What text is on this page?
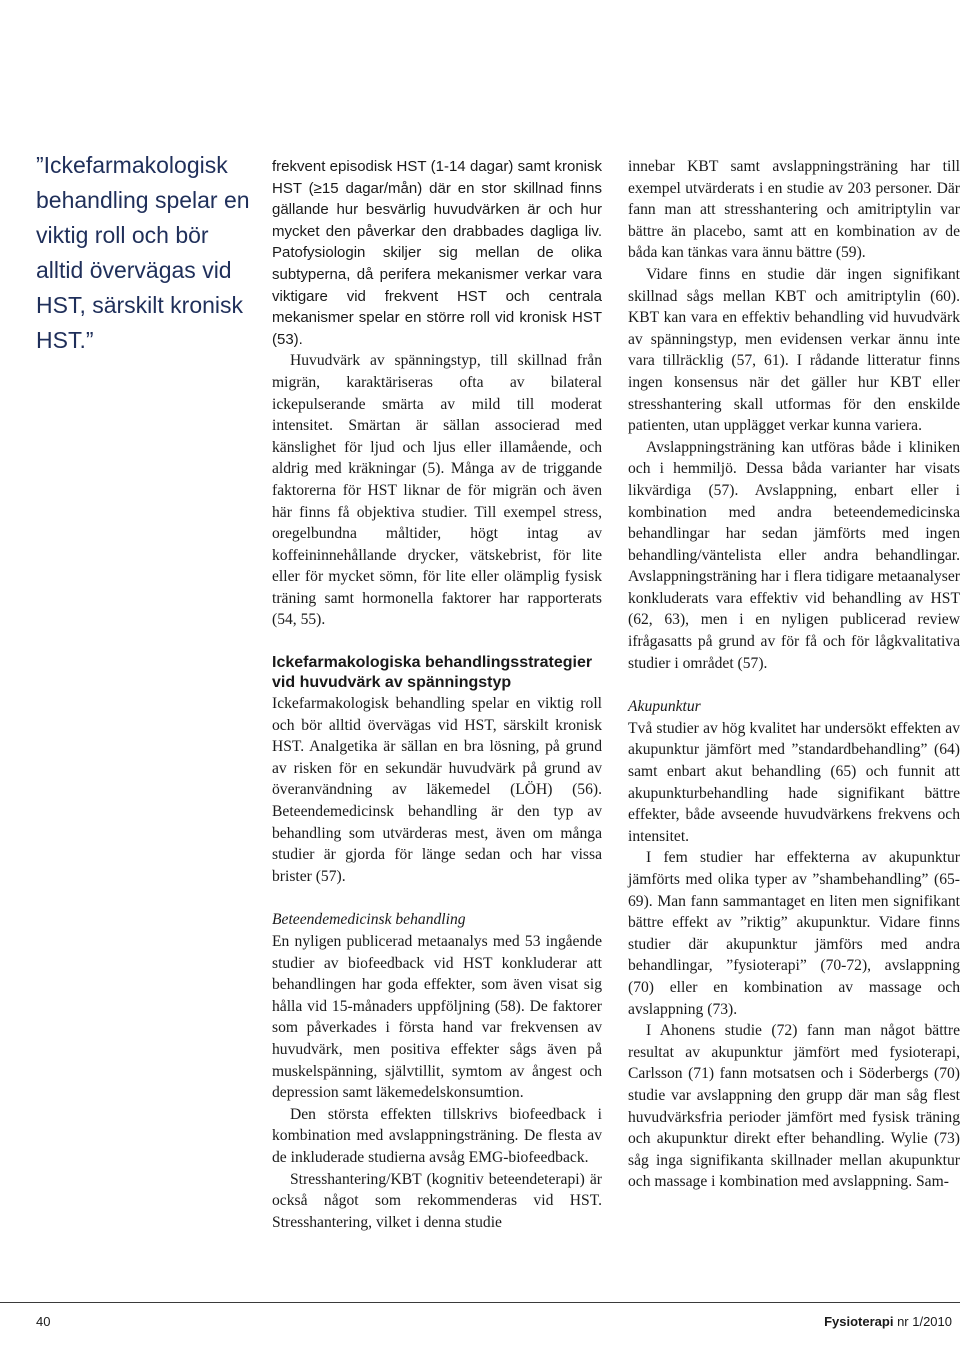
”Ickefarmakologisk behandling spelar en viktig roll och bör alltid övervägas vid HST, särskilt kronisk HST.”

frekvent episodisk HST (1-14 dagar) samt kronisk HST (≥15 dagar/mån) där en stor skillnad finns gällande hur besvärlig huvudvärken är och hur mycket den påverkar den drabbades dagliga liv. Patofysiologin skiljer sig mellan de olika subtyperna, då perifera mekanismer verkar vara viktigare vid frekvent HST och centrala mekanismer spelar en större roll vid kronisk HST (53).

Huvudvärk av spänningstyp, till skillnad från migrän, karaktäriseras ofta av bilateral ickepulserande smärta av mild till moderat intensitet. Smärtan är sällan associerad med känslighet för ljud och ljus eller illamående, och aldrig med kräkningar (5). Många av de triggande faktorerna för HST liknar de för migrän och även här finns få objektiva studier. Till exempel stress, oregelbundna måltider, högt intag av koffeininnehållande drycker, vätskebrist, för lite eller för mycket sömn, för lite eller olämplig fysisk träning samt hormonella faktorer har rapporterats (54, 55).

Ickefarmakologiska behandlingsstrategier vid huvudvärk av spänningstyp

Ickefarmakologisk behandling spelar en viktig roll och bör alltid övervägas vid HST, särskilt kronisk HST. Analgetika är sällan en bra lösning, på grund av risken för en sekundär huvudvärk på grund av överanvändning av läkemedel (LÖH) (56). Beteendemedicinsk behandling är den typ av behandling som utvärderas mest, även om många studier är gjorda för länge sedan och har vissa brister (57).

Beteendemedicinsk behandling

En nyligen publicerad metaanalys med 53 ingående studier av biofeedback vid HST konkluderar att behandlingen har goda effekter, som även visat sig hålla vid 15-månaders uppföljning (58). De faktorer som påverkades i första hand var frekvensen av huvudvärk, men positiva effekter sågs även på muskelspänning, självtillit, symtom av ångest och depression samt läkemedelskonsumtion.

Den största effekten tillskrivs biofeedback i kombination med avslappningsträning. De flesta av de inkluderade studierna avsåg EMG-biofeedback.

Stresshantering/KBT (kognitiv beteendeterapi) är också något som rekommenderas vid HST. Stresshantering, vilket i denna studie

innebar KBT samt avslappningsträning har till exempel utvärderats i en studie av 203 personer. Där fann man att stresshantering och amitriptylin var bättre än placebo, samt att en kombination av de båda kan tänkas vara ännu bättre (59).

Vidare finns en studie där ingen signifikant skillnad sågs mellan KBT och amitriptylin (60). KBT kan vara en effektiv behandling vid huvudvärk av spänningstyp, men evidensen verkar ännu inte vara tillräcklig (57, 61). I rådande litteratur finns ingen konsensus när det gäller hur KBT eller stresshantering skall utformas för den enskilde patienten, utan upplägget verkar kunna variera.

Avslappningsträning kan utföras både i kliniken och i hemmiljö. Dessa båda varianter har visats likvärdiga (57). Avslappning, enbart eller i kombination med andra beteendemedicinska behandlingar har sedan jämförts med ingen behandling/väntelista eller andra behandlingar. Avslappningsträning har i flera tidigare metaanalyser konkluderats vara effektiv vid behandling av HST (62, 63), men i en nyligen publicerad review ifrågasatts på grund av för få och för lågkvalitativa studier i området (57).

Akupunktur

Två studier av hög kvalitet har undersökt effekten av akupunktur jämfört med ”standardbehandling” (64) samt enbart akut behandling (65) och funnit att akupunkturbehandling hade signifikant bättre effekter, både avseende huvudvärkens frekvens och intensitet.

I fem studier har effekterna av akupunktur jämförts med olika typer av ”shambehandling” (65-69). Man fann sammantaget en liten men signifikant bättre effekt av ”riktig” akupunktur. Vidare finns studier där akupunktur jämförs med andra behandlingar, ”fysioterapi” (70-72), avslappning (70) eller en kombination av massage och avslappning (73).

I Ahonens studie (72) fann man något bättre resultat av akupunktur jämfört med fysioterapi, Carlsson (71) fann motsatsen och i Söderbergs (70) studie var avslappning den grupp där man såg flest huvudvärksfria perioder jämfört med fysisk träning och akupunktur direkt efter behandling. Wylie (73) såg inga signifikanta skillnader mellan akupunktur och massage i kombination med avslappning. Sam-

40	Fysioterapi nr 1/2010
